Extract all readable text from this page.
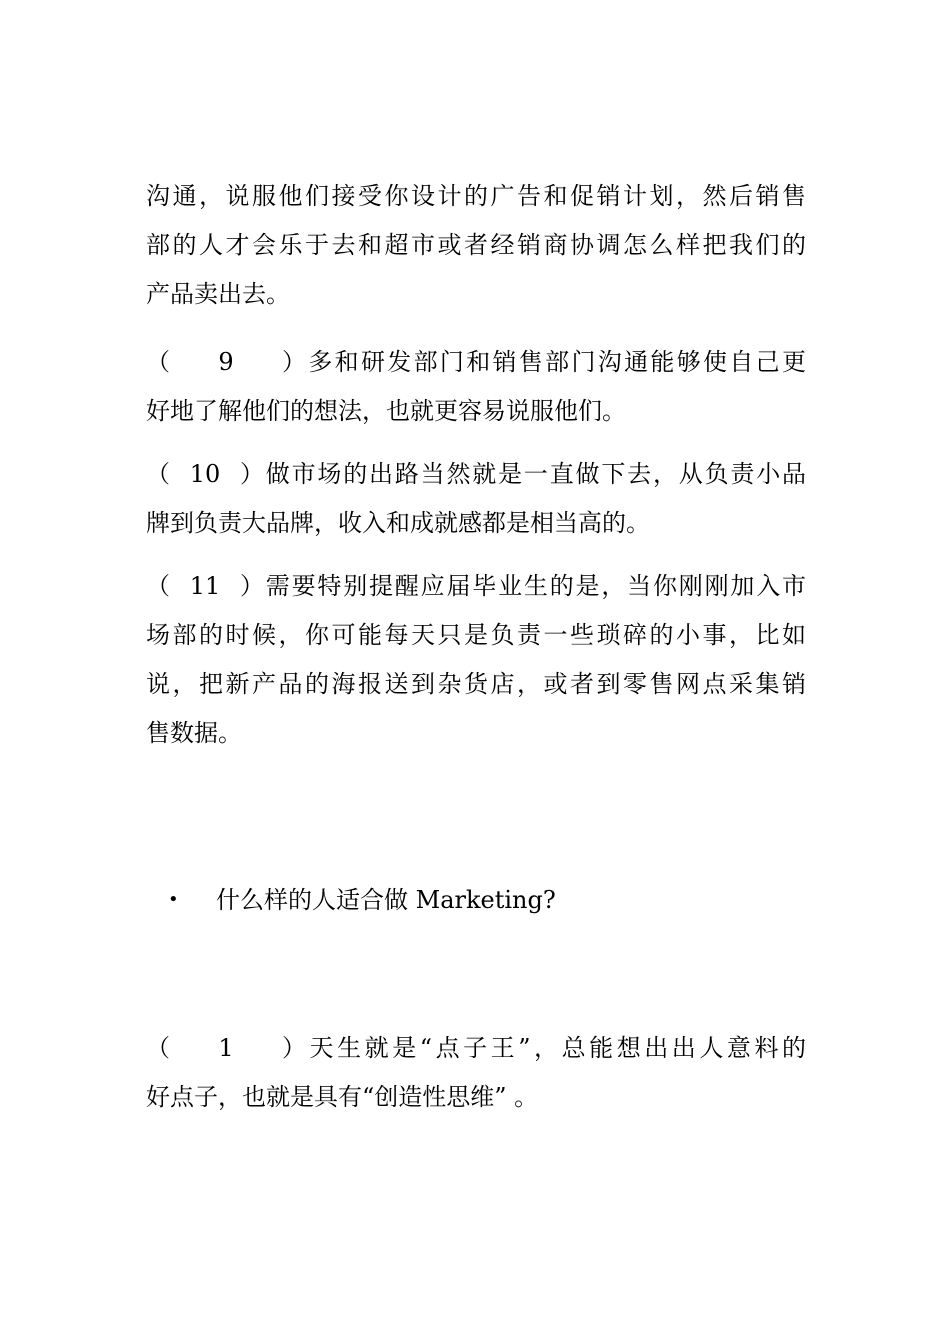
沟通，说服他们接受你设计的广告和促销计划，然后销售
部的人才会乐于去和超市或者经销商协调怎么样把我们的
产品卖出去。
（9）多和研发部门和销售部门沟通能够使自己更
好地了解他们的想法，也就更容易说服他们。
（10）做市场的出路当然就是一直做下去，从负责小品
牌到负责大品牌，收入和成就感都是相当高的。
（11）需要特别提醒应届毕业生的是，当你刚刚加入市
场部的时候，你可能每天只是负责一些琐碎的小事，比如
说，把新产品的海报送到杂货店，或者到零售网点采集销
售数据。
•	什么样的人适合做 Marketing?
（1）天生就是“点子王”，总能想出出人意料的
好点子，也就是具有“创造性思维” 。
